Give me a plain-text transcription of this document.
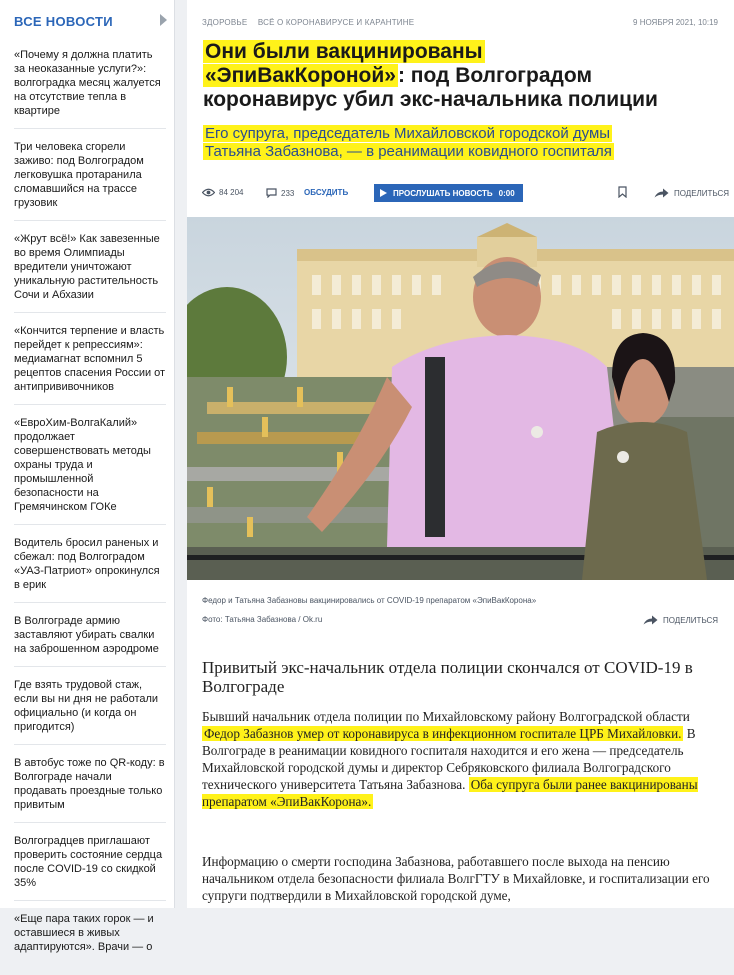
ВСЕ НОВОСТИ
«Почему я должна платить за неоказанные услуги?»: волгоградка месяц жалуется на отсутствие тепла в квартире
Три человека сгорели заживо: под Волгоградом легковушка протаранила сломавшийся на трассе грузовик
«Жрут всё!» Как завезенные во время Олимпиады вредители уничтожают уникальную растительность Сочи и Абхазии
«Кончится терпение и власть перейдет к репрессиям»: медиамагнат вспомнил 5 рецептов спасения России от антипрививочников
«ЕвроХим-ВолгаКалий» продолжает совершенствовать методы охраны труда и промышленной безопасности на Гремячинском ГОКе
Водитель бросил раненых и сбежал: под Волгоградом «УАЗ-Патриот» опрокинулся в ерик
В Волгограде армию заставляют убирать свалки на заброшенном аэродроме
Где взять трудовой стаж, если вы ни дня не работали официально (и когда он пригодится)
В автобус тоже по QR-коду: в Волгограде начали продавать проездные только привитым
Волгоградцев приглашают проверить состояние сердца после COVID-19 со скидкой 35%
«Еще пара таких горок — и оставшиеся в живых адаптируются». Врачи — о
ЗДОРОВЬЕ ВСЁ О КОРОНАВИРУСЕ И КАРАНТИНЕ	9 НОЯБРЯ 2021, 10:19
Они были вакцинированы
«ЭпиВакКороной»: под Волгоградом коронавирус убил экс-начальника полиции
Его супруга, председатель Михайловской городской думы
Татьяна Забазнова, — в реанимации ковидного госпиталя
84 204	233 ОБСУДИТЬ	ПРОСЛУШАТЬ НОВОСТЬ 0:00	ПОДЕЛИТЬСЯ
Федор и Татьяна Забазновы вакцинировались от COVID-19 препаратом «ЭпиВакКорона»
Фото: Татьяна Забазнова / Ok.ru	ПОДЕЛИТЬСЯ
Привитый экс-начальник отдела полиции скончался от COVID-19 в Волгограде

Бывший начальник отдела полиции по Михайловскому району Волгоградской области Федор Забазнов умер от коронавируса в инфекционном госпитале ЦРБ Михайловки. В Волгограде в реанимации ковидного госпиталя находится и его жена — председатель Михайловской городской думы и директор Себряковского филиала Волгоградского технического университета Татьяна Забазнова. Оба супруга были ранее вакцинированы препаратом «ЭпиВакКорона».

Информацию о смерти господина Забазнова, работавшего после выхода на пенсию начальником отдела безопасности филиала ВолгГТУ в Михайловке, и госпитализации его супруги подтвердили в Михайловской городской думе,
